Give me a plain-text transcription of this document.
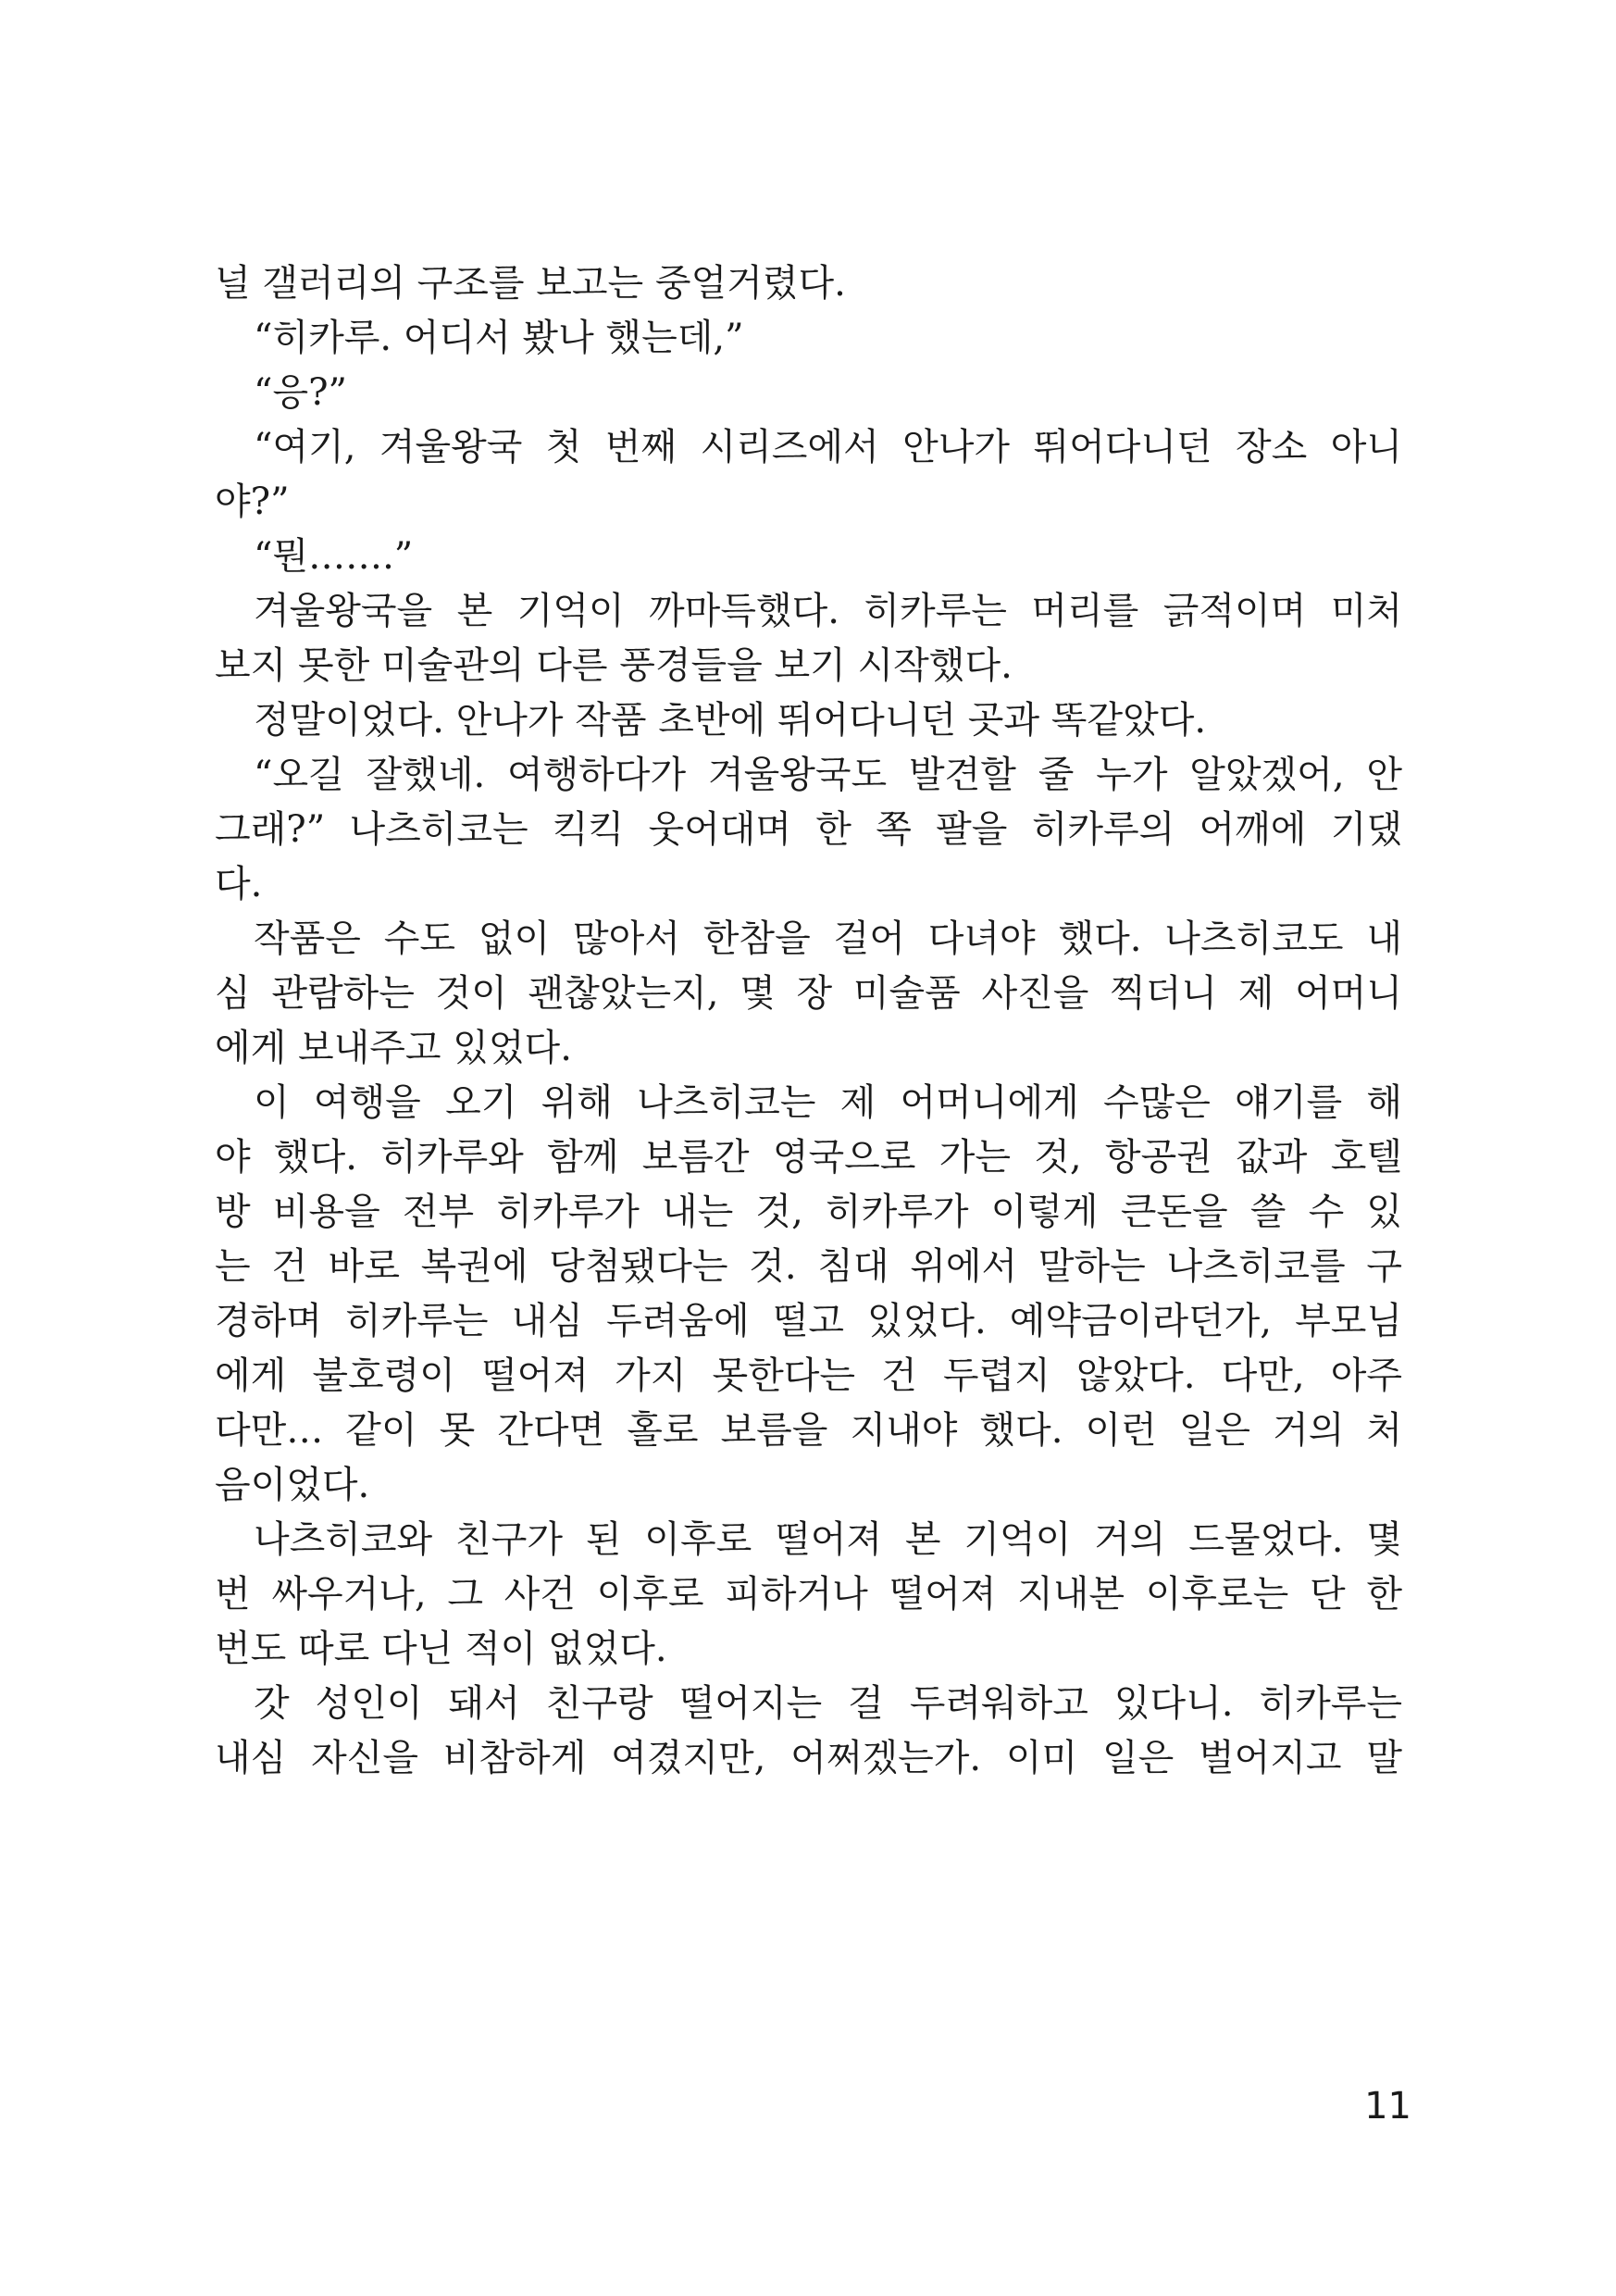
널 갤러리의 구조를 보고는 중얼거렸다.
“히카루. 어디서 봤나 했는데,”
“응?”
“여기, 겨울왕국 첫 번째 시리즈에서 안나가 뛰어다니던 장소 아니
야?”
“뭔…….”
겨울왕국을 본 기억이 까마득했다. 히카루는 머리를 긁적이며 미처
보지 못한 미술관의 다른 풍경들을 보기 시작했다.
정말이었다. 안나가 작품 초반에 뛰어다니던 곳과 똑같았다.
“오길 잘했네. 여행하다가 겨울왕국도 발견할 줄 누가 알았겠어, 안
그래?” 나츠히코는 킥킥 웃어대며 한 쪽 팔을 히카루의 어깨에 기댔
다.
작품은 수도 없이 많아서 한참을 걸어 다녀야 했다. 나츠히코도 내
심 관람하는 것이 괜찮았는지, 몇 장 미술품 사진을 찍더니 제 어머니
에게 보내주고 있었다.
이 여행을 오기 위해 나츠히코는 제 어머니에게 수많은 얘기를 해
야 했다. 히카루와 함께 보름간 영국으로 가는 것, 항공권 값과 호텔
방 비용을 전부 히카루가 내는 것, 히카루가 이렇게 큰돈을 쓸 수 있
는 건 바로 복권에 당첨됐다는 것. 침대 위에서 말하는 나츠히코를 구
경하며 히카루는 내심 두려움에 떨고 있었다. 예약금이라던가, 부모님
에게 불호령이 떨어져 가지 못한다는 건 두렵지 않았다. 다만, 아주
다만… 같이 못 간다면 홀로 보름을 지내야 했다. 이런 일은 거의 처
음이었다.
나츠히코와 친구가 된 이후로 떨어져 본 기억이 거의 드물었다. 몇
번 싸우거나, 그 사건 이후로 피하거나 떨어져 지내본 이후로는 단 한
번도 따로 다닌 적이 없었다.
갓 성인이 돼서 친구랑 떨어지는 걸 두려워하고 있다니. 히카루는
내심 자신을 비참하게 여겼지만, 어쩌겠는가. 이미 일은 벌어지고 말
11
